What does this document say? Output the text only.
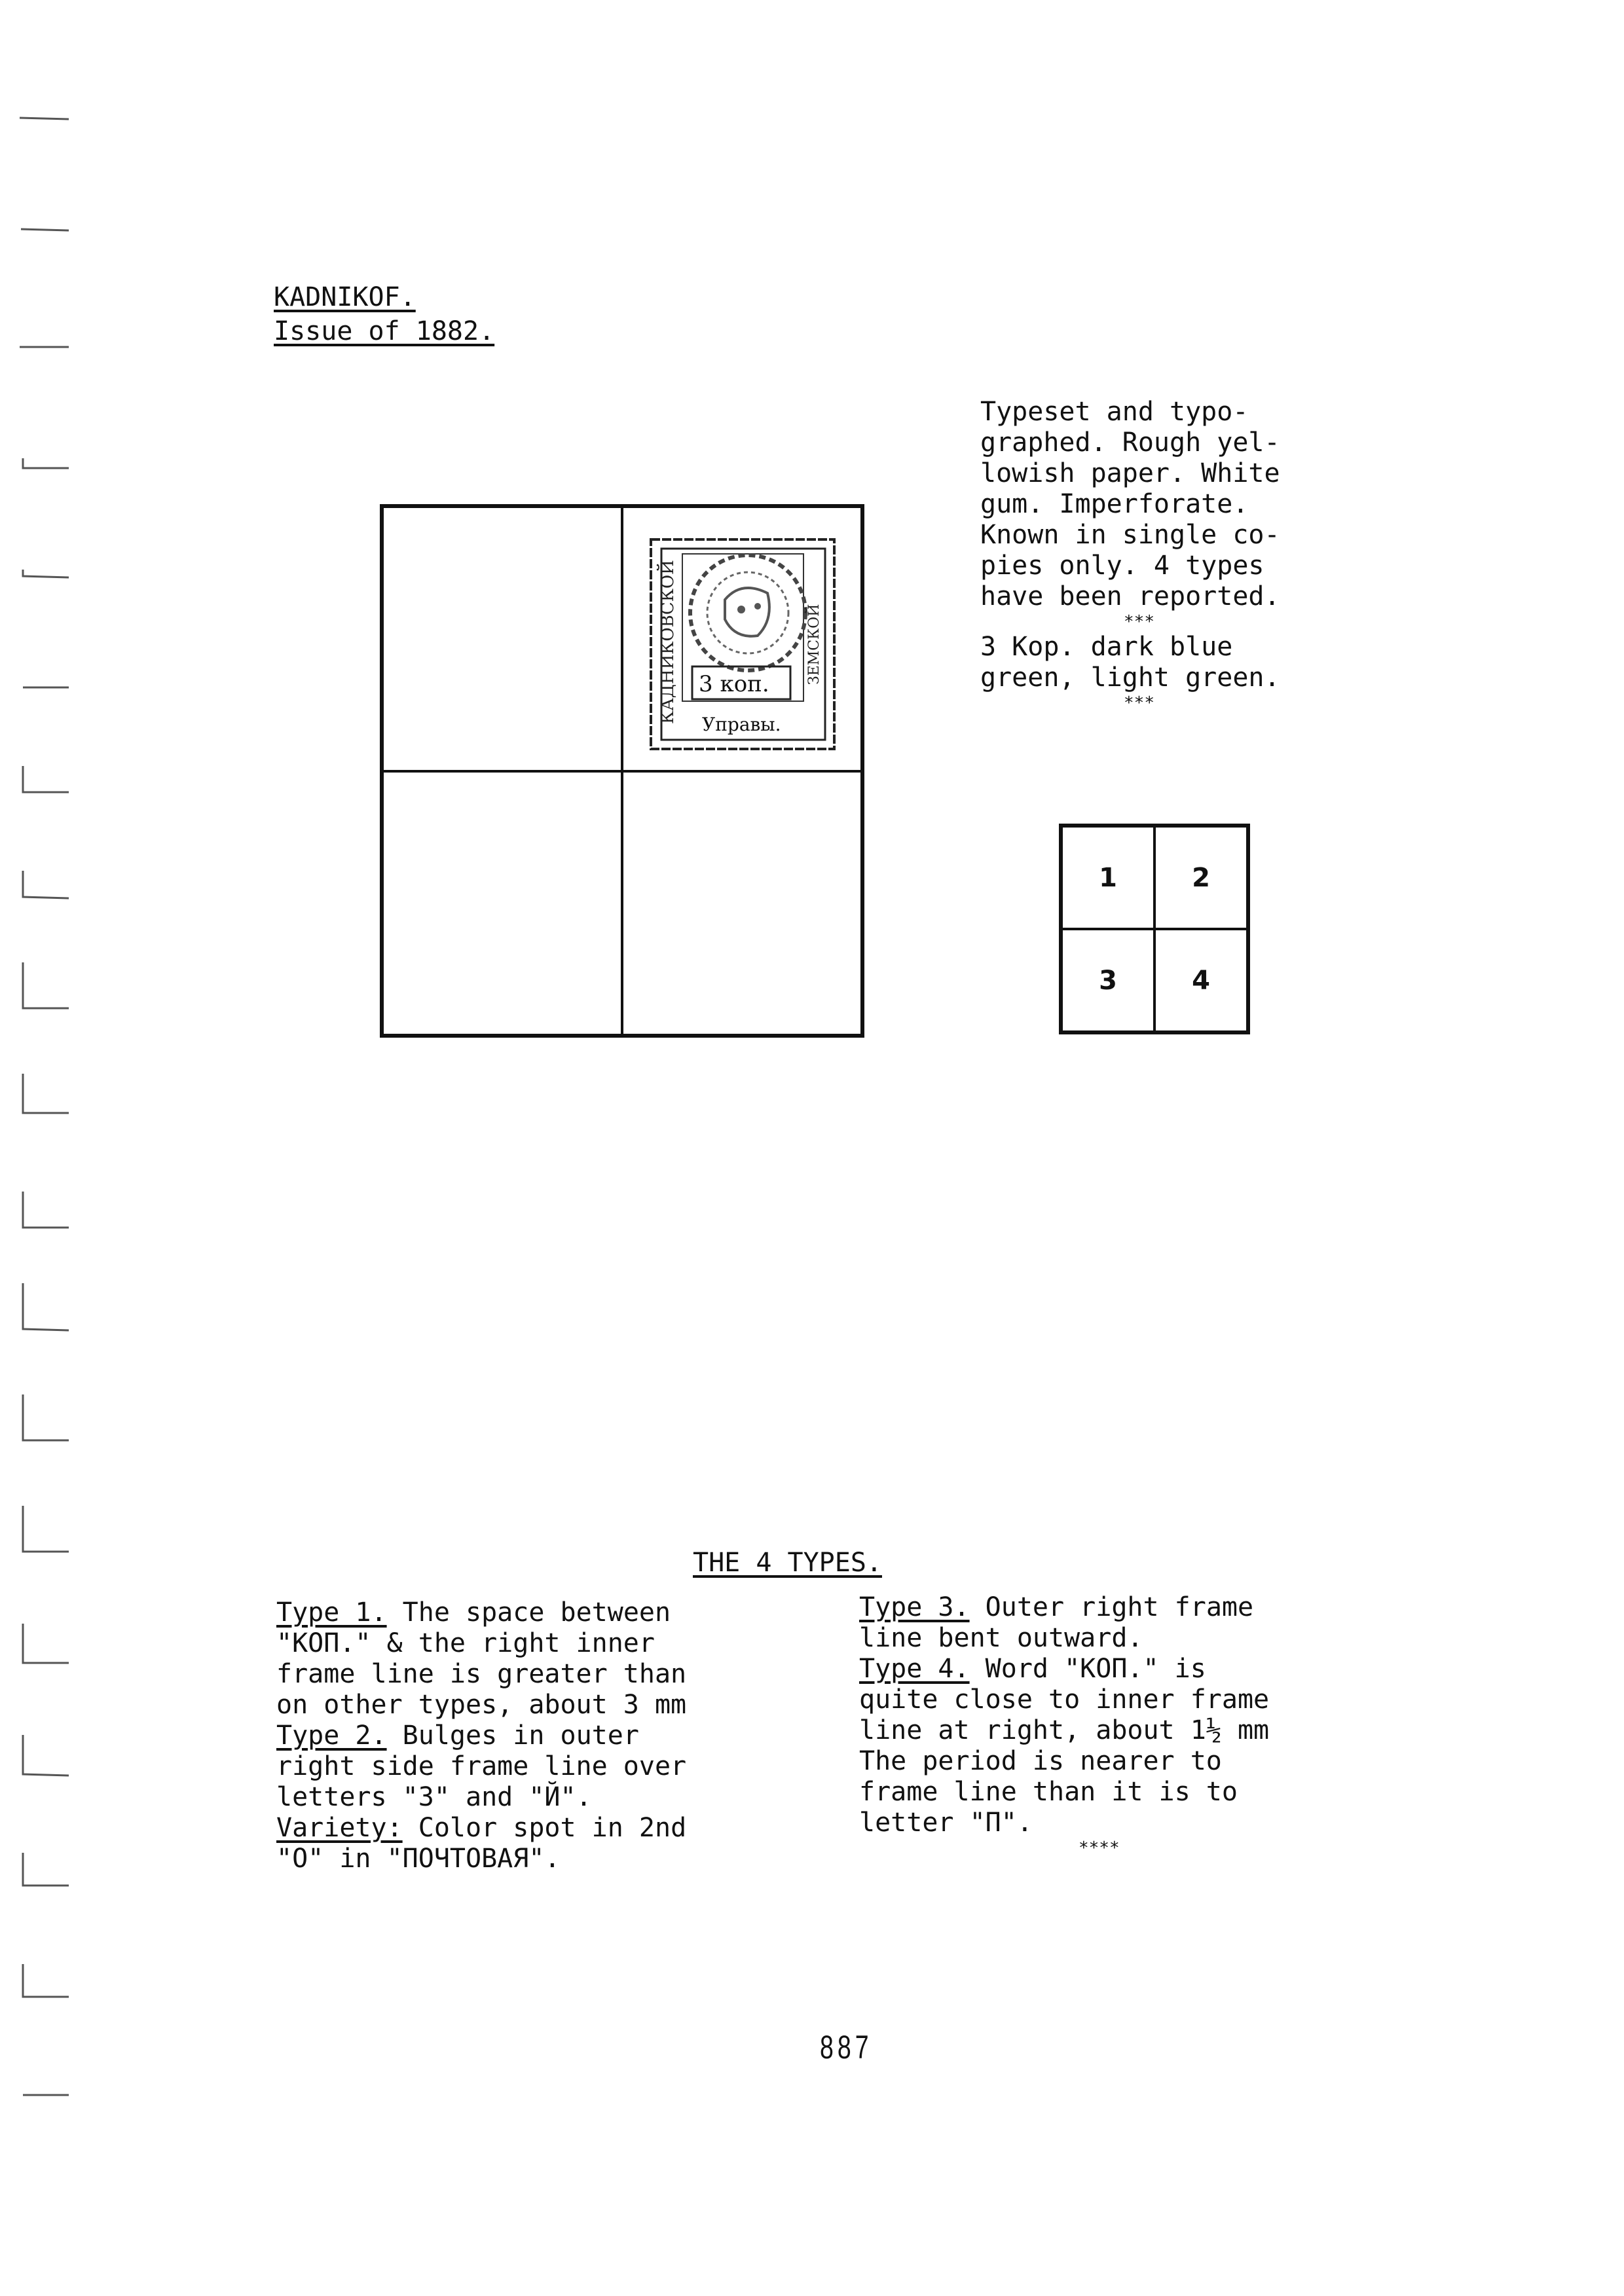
KADNIKOF.
Issue of 1882.
Typeset and typo-
graphed. Rough yel-
lowish paper. White
gum. Imperforate.
Known in single co-
pies only. 4 types
have been reported.
***
3 Kop. dark blue
green, light green.
***
КАДНИКОВСКОЙ	ЗЕМСКОЙ
3 коп.
Управы.
1	2
3	4
THE 4 TYPES.
Type 1. The space between
"КОП." & the right inner
frame line is greater than
on other types, about 3 mm
Type 2. Bulges in outer
right side frame line over
letters "3" and "Й".
Variety: Color spot in 2nd
"O" in "ПОЧТОВАЯ".
Type 3. Outer right frame
line bent outward.
Type 4. Word "КОП." is
quite close to inner frame
line at right, about 1½ mm
The period is nearer to
frame line than it is to
letter "П".
****
887
